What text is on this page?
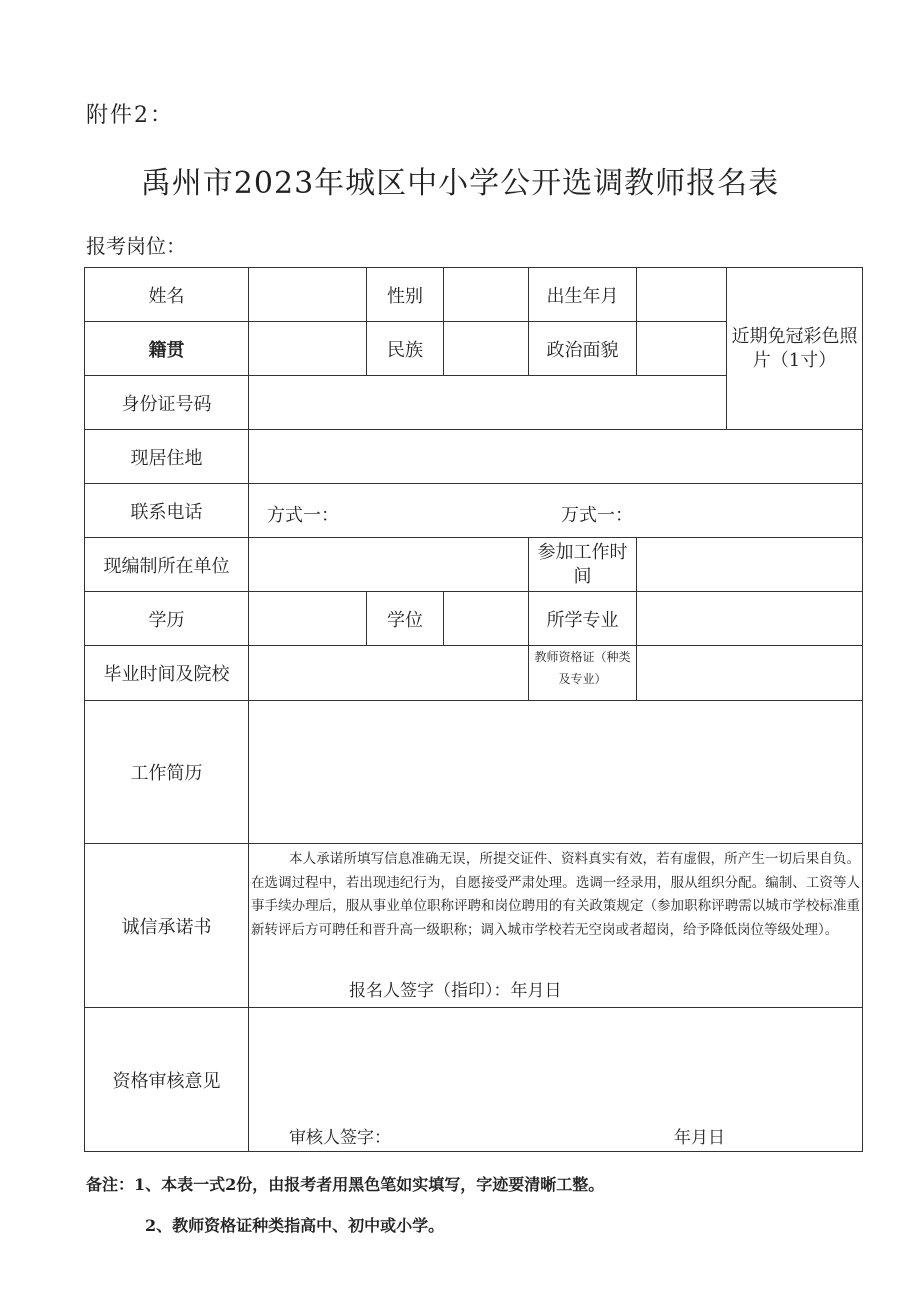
附件2：
禹州市2023年城区中小学公开选调教师报名表
报考岗位：
姓名		性别		出生年月		近期免冠彩色照片（1寸）
籍贯		民族		政治面貌		
身份证号码						
现居住地						
联系电话	方式一： 万式一：					

现编制所在单位				参加工作时间		
学历		学位		所学专业		
毕业时间及院校				教师资格证（种类及专业）		

工作简历						
诚信承诺书	本人承诺所填写信息准确无误，所提交证件、资料真实有效，若有虚假，所产生一切后果自负。在选调过程中，若出现违纪行为，自愿接受严肃处理。选调一经录用，服从组织分配。编制、工资等人事手续办理后，服从事业单位职称评聘和岗位聘用的有关政策规定（参加职称评聘需以城市学校标准重新转评后方可聘任和晋升高一级职称；调入城市学校若无空岗或者超岗，给予降低岗位等级处理）。
报名人签字（指印）：年月日					

资格审核意见	审核人签字： 年月日					
备注：1、本表一式2份，由报考者用黑色笔如实填写，字迹要清晰工整。
2、教师资格证种类指高中、初中或小学。
